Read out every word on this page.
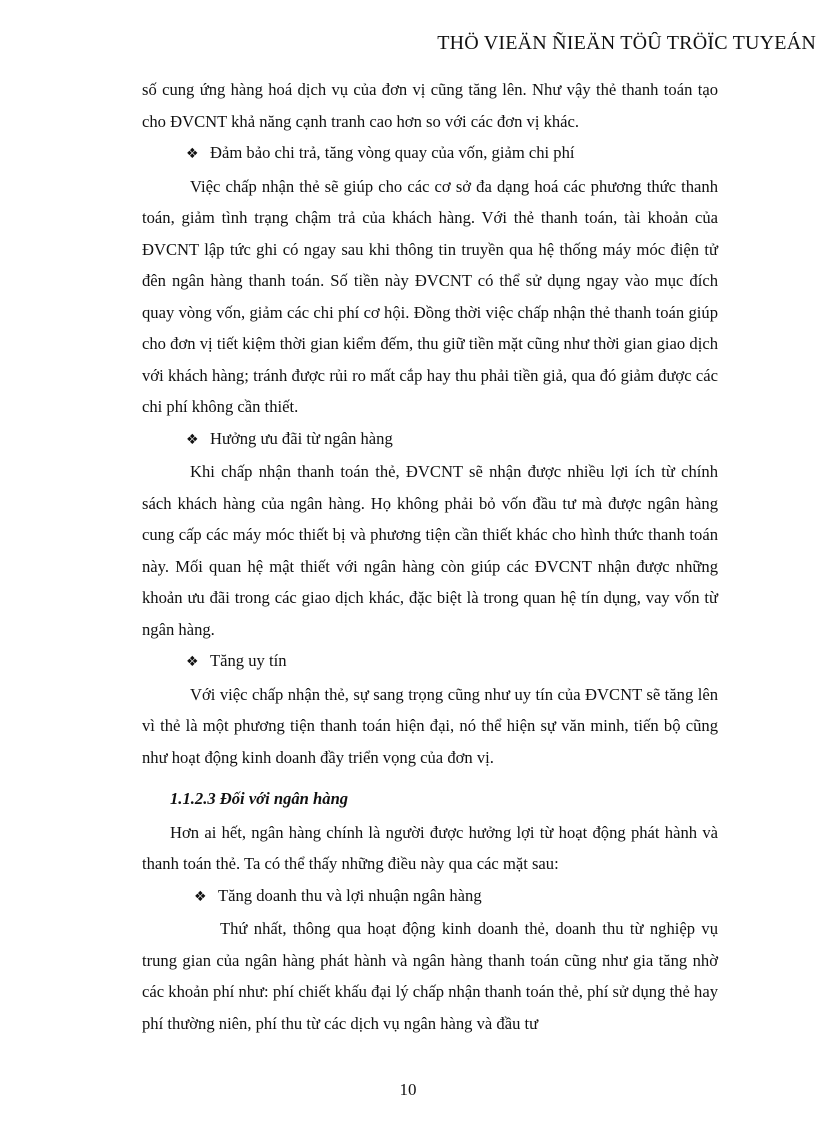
THÖ VIEÄN ÑIEÄN TÖÛ TRÖÏC TUYEÁN

số cung ứng hàng hoá dịch vụ của đơn vị cũng tăng lên. Như vậy thẻ thanh toán tạo cho ĐVCNT khả năng cạnh tranh cao hơn so với các đơn vị khác.

❖ Đảm bảo chi trả, tăng vòng quay của vốn, giảm chi phí

Việc chấp nhận thẻ sẽ giúp cho các cơ sở đa dạng hoá các phương thức thanh toán, giảm tình trạng chậm trả của khách hàng. Với thẻ thanh toán, tài khoản của ĐVCNT lập tức ghi có ngay sau khi thông tin truyền qua hệ thống máy móc điện tử đên ngân hàng thanh toán. Số tiền này ĐVCNT có thể sử dụng ngay vào mục đích quay vòng vốn, giảm các chi phí cơ hội. Đồng thời việc chấp nhận thẻ thanh toán giúp cho đơn vị tiết kiệm thời gian kiểm đếm, thu giữ tiền mặt cũng như thời gian giao dịch với khách hàng; tránh được rủi ro mất cắp hay thu phải tiền giả, qua đó giảm được các chi phí không cần thiết.

❖ Hưởng ưu đãi từ ngân hàng

Khi chấp nhận thanh toán thẻ, ĐVCNT sẽ nhận được nhiều lợi ích từ chính sách khách hàng của ngân hàng. Họ không phải bỏ vốn đầu tư mà được ngân hàng cung cấp các máy móc thiết bị và phương tiện cần thiết khác cho hình thức thanh toán này. Mối quan hệ mật thiết với ngân hàng còn giúp các ĐVCNT nhận được những khoản ưu đãi trong các giao dịch khác, đặc biệt là trong quan hệ tín dụng, vay vốn từ ngân hàng.

❖ Tăng uy tín

Với việc chấp nhận thẻ, sự sang trọng cũng như uy tín của ĐVCNT sẽ tăng lên vì thẻ là một phương tiện thanh toán hiện đại, nó thể hiện sự văn minh, tiến bộ cũng như hoạt động kinh doanh đầy triển vọng của đơn vị.

1.1.2.3 Đối với ngân hàng

Hơn ai hết, ngân hàng chính là người được hưởng lợi từ hoạt động phát hành và thanh toán thẻ. Ta có thể thấy những điều này qua các mặt sau:

❖ Tăng doanh thu và lợi nhuận ngân hàng

Thứ nhất, thông qua hoạt động kinh doanh thẻ, doanh thu từ nghiệp vụ trung gian của ngân hàng phát hành và ngân hàng thanh toán cũng như gia tăng nhờ các khoản phí như: phí chiết khấu đại lý chấp nhận thanh toán thẻ, phí sử dụng thẻ hay phí thường niên, phí thu từ các dịch vụ ngân hàng và đầu tư

10
